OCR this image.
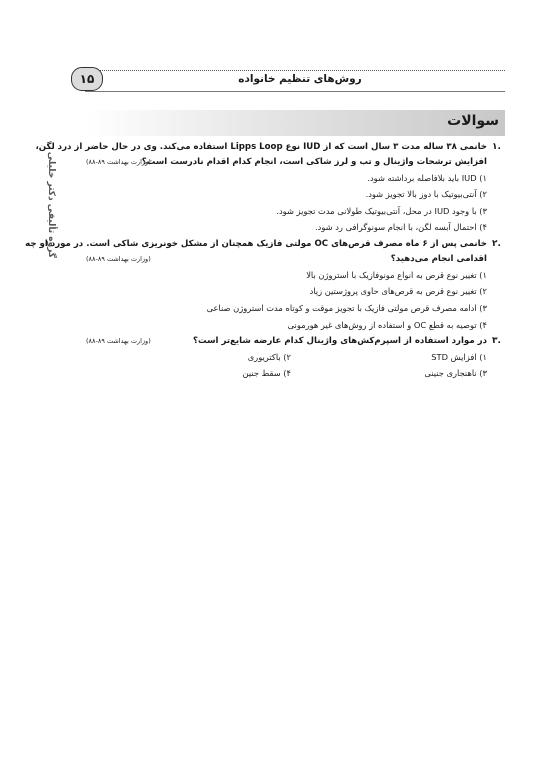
روش‌های تنظیم خانواده
۱۵
گروه تألیفی دکتر خلیلی
سوالات
۱.
خانمی ۳۸ ساله مدت ۳ سال است که از IUD نوع Lipps Loop استفاده می‌کند. وی در حال حاضر از درد لگن،
افزایش ترشحات واژینال و تب و لرز شاکی است، انجام کدام اقدام نادرست است؟
(وزارت بهداشت ۸۹-۸۸)
۱) IUD باید بلافاصله برداشته شود.
۲) آنتی‌بیوتیک با دوز بالا تجویز شود.
۳) با وجود IUD در محل، آنتی‌بیوتیک طولانی مدت تجویز شود.
۴) احتمال آبسه لگن، با انجام سونوگرافی رد شود.
۲.
خانمی پس از ۶ ماه مصرف قرص‌های OC مولتی فازیک همچنان از مشکل خونریزی شاکی است. در مورد او چه
اقدامی انجام می‌دهید؟
(وزارت بهداشت ۸۹-۸۸)
۱) تغییر نوع قرص به انواع مونوفازیک با استروژن بالا
۲) تغییر نوع قرص به قرص‌های حاوی پروژستین زیاد
۳) ادامه مصرف قرص مولتی فازیک با تجویز موقت و کوتاه مدت استروژن صناعی
۴) توصیه به قطع OC و استفاده از روش‌های غیر هورمونی
۳.
در موارد استفاده از اسپرم‌کش‌های واژینال کدام عارضه شایع‌تر است؟
(وزارت بهداشت ۸۹-۸۸)
۱) افزایش STD
۲) باکتریوری
۳) ناهنجاری جنینی
۴) سقط جنین
